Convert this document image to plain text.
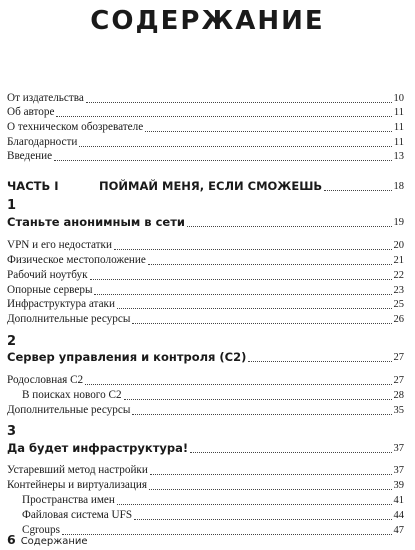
СОДЕРЖАНИЕ
От издательства	10
Об авторе	11
О техническом обозревателе	11
Благодарности	11
Введение	13
ЧАСТЬ I	ПОЙМАЙ МЕНЯ, ЕСЛИ СМОЖЕШЬ	18
1
Станьте анонимным в сети	19
VPN и его недостатки	20
Физическое местоположение	21
Рабочий ноутбук	22
Опорные серверы	23
Инфраструктура атаки	25
Дополнительные ресурсы	26
2
Сервер управления и контроля (C2)	27
Родословная C2	27
В поисках нового C2	28
Дополнительные ресурсы	35
3
Да будет инфраструктура!	37
Устаревший метод настройки	37
Контейнеры и виртуализация	39
Пространства имен	41
Файловая система UFS	44
Cgroups	47
6 Содержание
